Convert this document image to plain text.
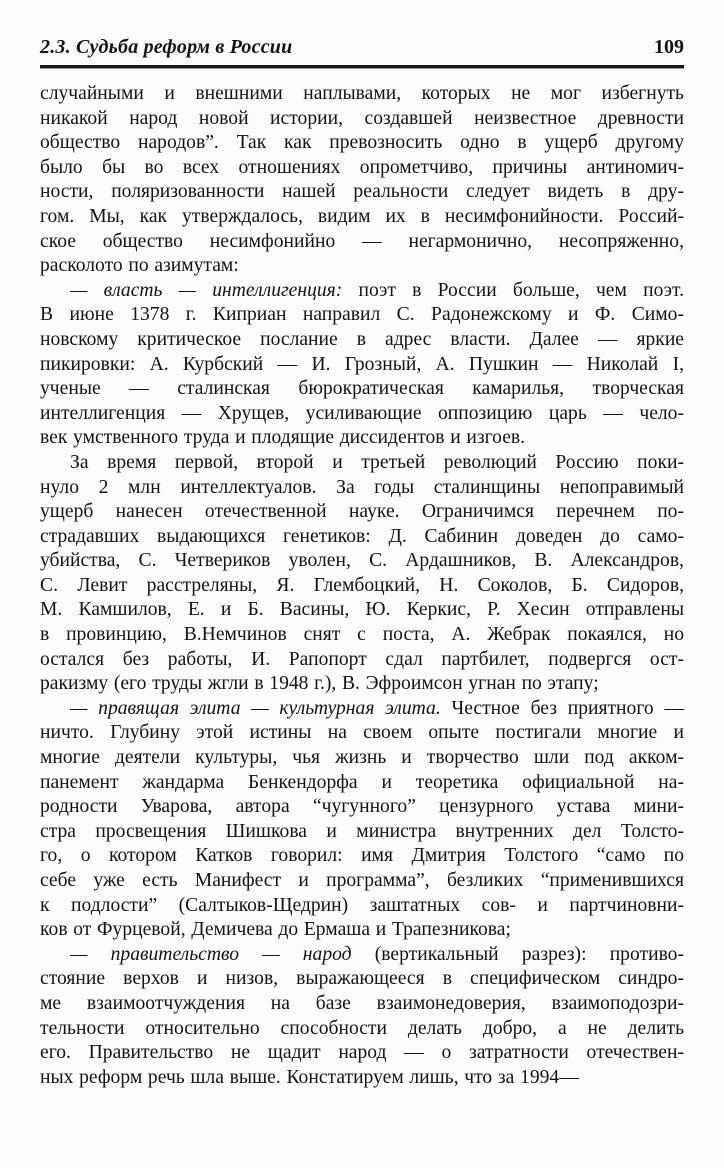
2.3. Судьба реформ в России	109
случайными и внешними наплывами, которых не мог избегнуть
никакой народ новой истории, создавшей неизвестное древности
общество народов”. Так как превозносить одно в ущерб другому
было бы во всех отношениях опрометчиво, причины антиномич-
ности, поляризованности нашей реальности следует видеть в дру-
гом. Мы, как утверждалось, видим их в несимфонийности. Россий-
ское общество несимфонийно — негармонично, несопряженно,
расколото по азимутам:
— власть — интеллигенция: поэт в России больше, чем поэт.
В июне 1378 г. Киприан направил С. Радонежскому и Ф. Симо-
новскому критическое послание в адрес власти. Далее — яркие
пикировки: А. Курбский — И. Грозный, А. Пушкин — Николай I,
ученые — сталинская бюрократическая камарилья, творческая
интеллигенция — Хрущев, усиливающие оппозицию царь — чело-
век умственного труда и плодящие диссидентов и изгоев.
За время первой, второй и третьей революций Россию поки-
нуло 2 млн интеллектуалов. За годы сталинщины непоправимый
ущерб нанесен отечественной науке. Ограничимся перечнем по-
страдавших выдающихся генетиков: Д. Сабинин доведен до само-
убийства, С. Четвериков уволен, С. Ардашников, В. Александров,
С. Левит расстреляны, Я. Глембоцкий, Н. Соколов, Б. Сидоров,
М. Камшилов, Е. и Б. Васины, Ю. Керкис, Р. Хесин отправлены
в провинцию, В.Немчинов снят с поста, А. Жебрак покаялся, но
остался без работы, И. Рапопорт сдал партбилет, подвергся ост-
ракизму (его труды жгли в 1948 г.), В. Эфроимсон угнан по этапу;
— правящая элита — культурная элита. Честное без приятного —
ничто. Глубину этой истины на своем опыте постигали многие и
многие деятели культуры, чья жизнь и творчество шли под акком-
панемент жандарма Бенкендорфа и теоретика официальной на-
родности Уварова, автора “чугунного” цензурного устава мини-
стра просвещения Шишкова и министра внутренних дел Толсто-
го, о котором Катков говорил: имя Дмитрия Толстого “само по
себе уже есть Манифест и программа”, безликих “применившихся
к подлости” (Салтыков-Щедрин) заштатных сов- и партчиновни-
ков от Фурцевой, Демичева до Ермаша и Трапезникова;
— правительство — народ (вертикальный разрез): противо-
стояние верхов и низов, выражающееся в специфическом синдро-
ме взаимоотчуждения на базе взаимонедоверия, взаимоподозри-
тельности относительно способности делать добро, а не делить
его. Правительство не щадит народ — о затратности отечествен-
ных реформ речь шла выше. Констатируем лишь, что за 1994—
